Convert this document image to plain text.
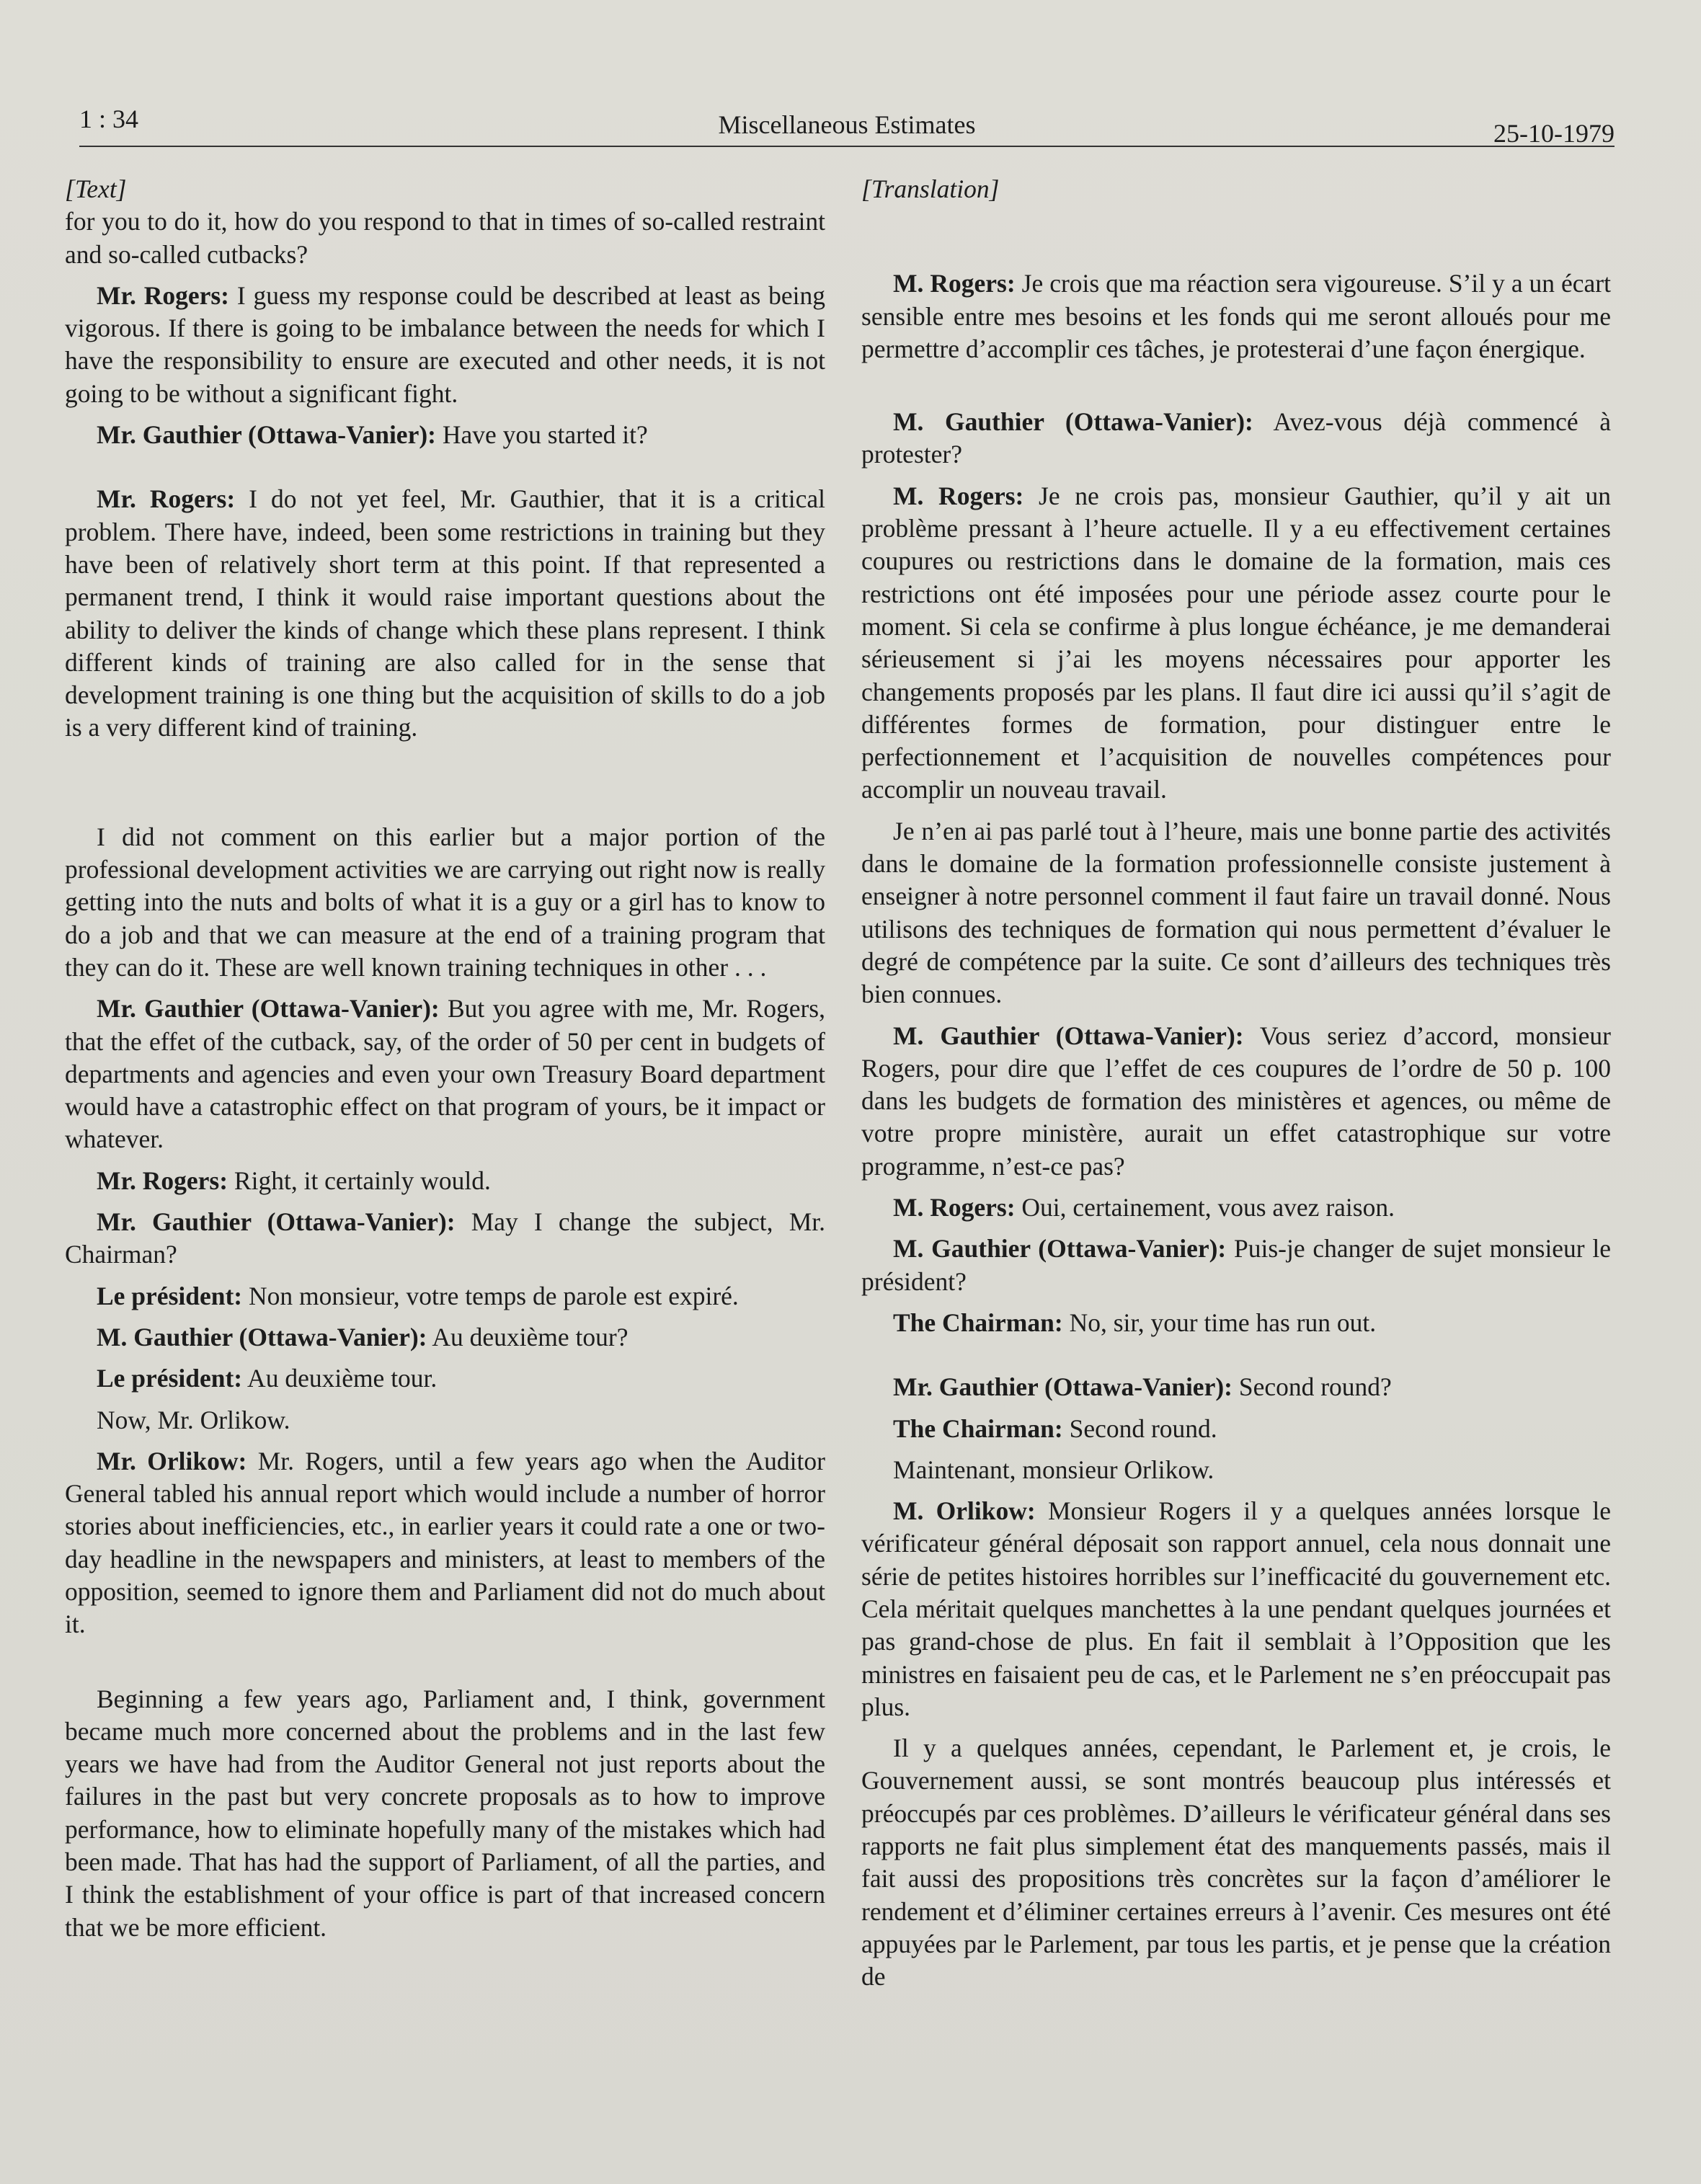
1 : 34	Miscellaneous Estimates	25-10-1979

[Text]

for you to do it, how do you respond to that in times of so-called restraint and so-called cutbacks?

Mr. Rogers: I guess my response could be described at least as being vigorous. If there is going to be imbalance between the needs for which I have the responsibility to ensure are executed and other needs, it is not going to be without a significant fight.

Mr. Gauthier (Ottawa-Vanier): Have you started it?

Mr. Rogers: I do not yet feel, Mr. Gauthier, that it is a critical problem. There have, indeed, been some restrictions in training but they have been of relatively short term at this point. If that represented a permanent trend, I think it would raise important questions about the ability to deliver the kinds of change which these plans represent. I think different kinds of training are also called for in the sense that development training is one thing but the acquisition of skills to do a job is a very different kind of training.

I did not comment on this earlier but a major portion of the professional development activities we are carrying out right now is really getting into the nuts and bolts of what it is a guy or a girl has to know to do a job and that we can measure at the end of a training program that they can do it. These are well known training techniques in other . . .

Mr. Gauthier (Ottawa-Vanier): But you agree with me, Mr. Rogers, that the effet of the cutback, say, of the order of 50 per cent in budgets of departments and agencies and even your own Treasury Board department would have a catastrophic effect on that program of yours, be it impact or whatever.

Mr. Rogers: Right, it certainly would.

Mr. Gauthier (Ottawa-Vanier): May I change the subject, Mr. Chairman?

Le président: Non monsieur, votre temps de parole est expiré.

M. Gauthier (Ottawa-Vanier): Au deuxième tour?

Le président: Au deuxième tour.

Now, Mr. Orlikow.

Mr. Orlikow: Mr. Rogers, until a few years ago when the Auditor General tabled his annual report which would include a number of horror stories about inefficiencies, etc., in earlier years it could rate a one or two-day headline in the newspapers and ministers, at least to members of the opposition, seemed to ignore them and Parliament did not do much about it.

Beginning a few years ago, Parliament and, I think, government became much more concerned about the problems and in the last few years we have had from the Auditor General not just reports about the failures in the past but very concrete proposals as to how to improve performance, how to eliminate hopefully many of the mistakes which had been made. That has had the support of Parliament, of all the parties, and I think the establishment of your office is part of that increased concern that we be more efficient.

[Translation]

M. Rogers: Je crois que ma réaction sera vigoureuse. S’il y a un écart sensible entre mes besoins et les fonds qui me seront alloués pour me permettre d’accomplir ces tâches, je protesterai d’une façon énergique.

M. Gauthier (Ottawa-Vanier): Avez-vous déjà commencé à protester?

M. Rogers: Je ne crois pas, monsieur Gauthier, qu’il y ait un problème pressant à l’heure actuelle. Il y a eu effectivement certaines coupures ou restrictions dans le domaine de la formation, mais ces restrictions ont été imposées pour une période assez courte pour le moment. Si cela se confirme à plus longue échéance, je me demanderai sérieusement si j’ai les moyens nécessaires pour apporter les changements proposés par les plans. Il faut dire ici aussi qu’il s’agit de différentes formes de formation, pour distinguer entre le perfectionnement et l’acquisition de nouvelles compétences pour accomplir un nouveau travail.

Je n’en ai pas parlé tout à l’heure, mais une bonne partie des activités dans le domaine de la formation professionnelle consiste justement à enseigner à notre personnel comment il faut faire un travail donné. Nous utilisons des techniques de formation qui nous permettent d’évaluer le degré de compétence par la suite. Ce sont d’ailleurs des techniques très bien connues.

M. Gauthier (Ottawa-Vanier): Vous seriez d’accord, monsieur Rogers, pour dire que l’effet de ces coupures de l’ordre de 50 p. 100 dans les budgets de formation des ministères et agences, ou même de votre propre ministère, aurait un effet catastrophique sur votre programme, n’est-ce pas?

M. Rogers: Oui, certainement, vous avez raison.

M. Gauthier (Ottawa-Vanier): Puis-je changer de sujet monsieur le président?

The Chairman: No, sir, your time has run out.

Mr. Gauthier (Ottawa-Vanier): Second round?

The Chairman: Second round.

Maintenant, monsieur Orlikow.

M. Orlikow: Monsieur Rogers il y a quelques années lorsque le vérificateur général déposait son rapport annuel, cela nous donnait une série de petites histoires horribles sur l’inefficacité du gouvernement etc. Cela méritait quelques manchettes à la une pendant quelques journées et pas grand-chose de plus. En fait il semblait à l’Opposition que les ministres en faisaient peu de cas, et le Parlement ne s’en préoccupait pas plus.

Il y a quelques années, cependant, le Parlement et, je crois, le Gouvernement aussi, se sont montrés beaucoup plus intéressés et préoccupés par ces problèmes. D’ailleurs le vérificateur général dans ses rapports ne fait plus simplement état des manquements passés, mais il fait aussi des propositions très concrètes sur la façon d’améliorer le rendement et d’éliminer certaines erreurs à l’avenir. Ces mesures ont été appuyées par le Parlement, par tous les partis, et je pense que la création de
